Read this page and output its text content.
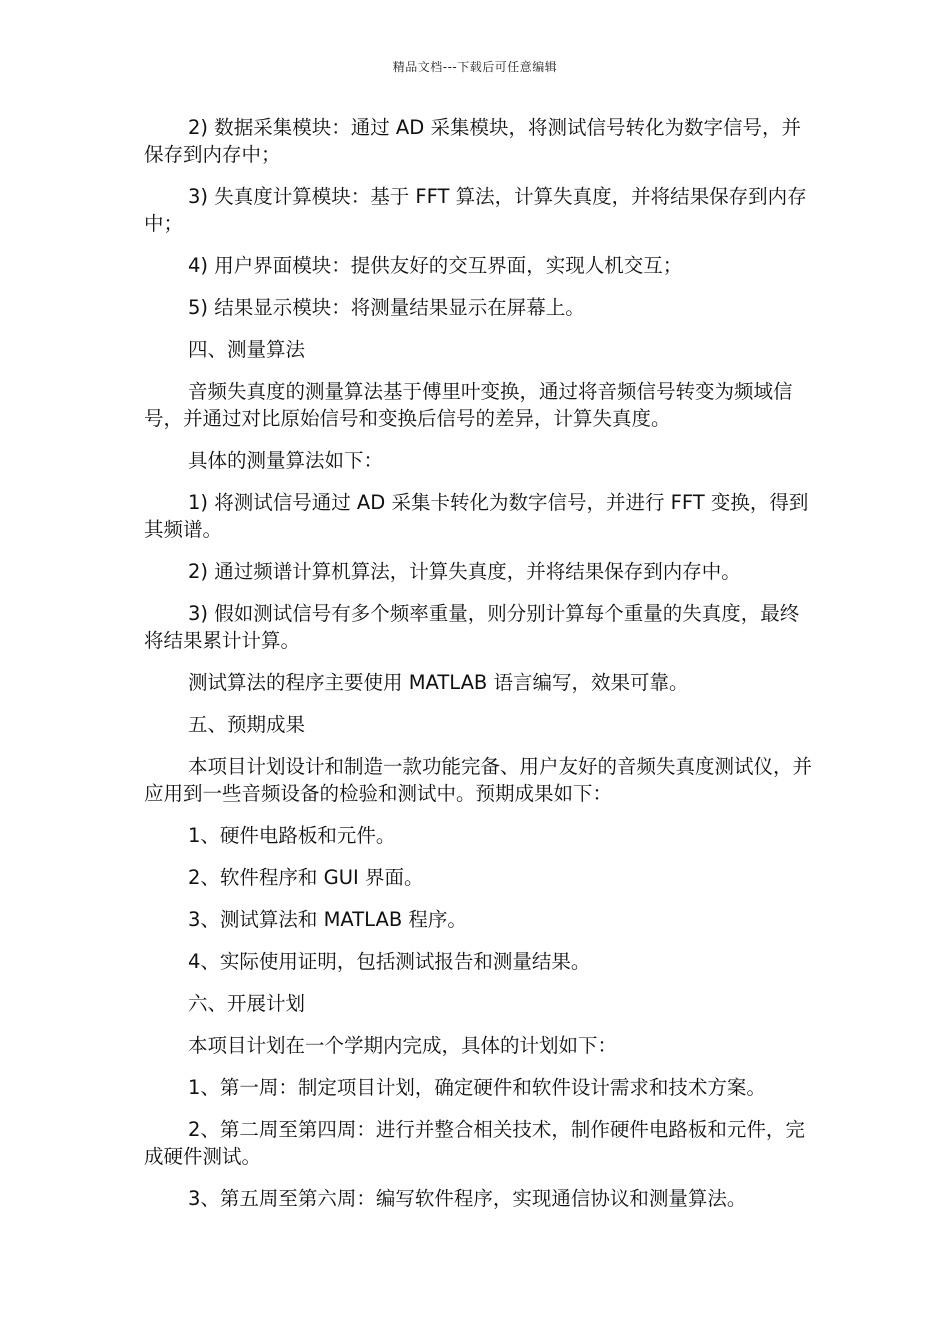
精品文档---下载后可任意编辑

2) 数据采集模块：通过 AD 采集模块，将测试信号转化为数字信号，并保存到内存中；

3) 失真度计算模块：基于 FFT 算法，计算失真度，并将结果保存到内存中；

4) 用户界面模块：提供友好的交互界面，实现人机交互；

5) 结果显示模块：将测量结果显示在屏幕上。

四、测量算法

音频失真度的测量算法基于傅里叶变换，通过将音频信号转变为频域信号，并通过对比原始信号和变换后信号的差异，计算失真度。

具体的测量算法如下：

1) 将测试信号通过 AD 采集卡转化为数字信号，并进行 FFT 变换，得到其频谱。

2) 通过频谱计算机算法，计算失真度，并将结果保存到内存中。

3) 假如测试信号有多个频率重量，则分别计算每个重量的失真度，最终将结果累计计算。

测试算法的程序主要使用 MATLAB 语言编写，效果可靠。

五、预期成果

本项目计划设计和制造一款功能完备、用户友好的音频失真度测试仪，并应用到一些音频设备的检验和测试中。预期成果如下：

1、硬件电路板和元件。

2、软件程序和 GUI 界面。

3、测试算法和 MATLAB 程序。

4、实际使用证明，包括测试报告和测量结果。

六、开展计划

本项目计划在一个学期内完成，具体的计划如下：

1、第一周：制定项目计划，确定硬件和软件设计需求和技术方案。

2、第二周至第四周：进行并整合相关技术，制作硬件电路板和元件，完成硬件测试。

3、第五周至第六周：编写软件程序，实现通信协议和测量算法。
